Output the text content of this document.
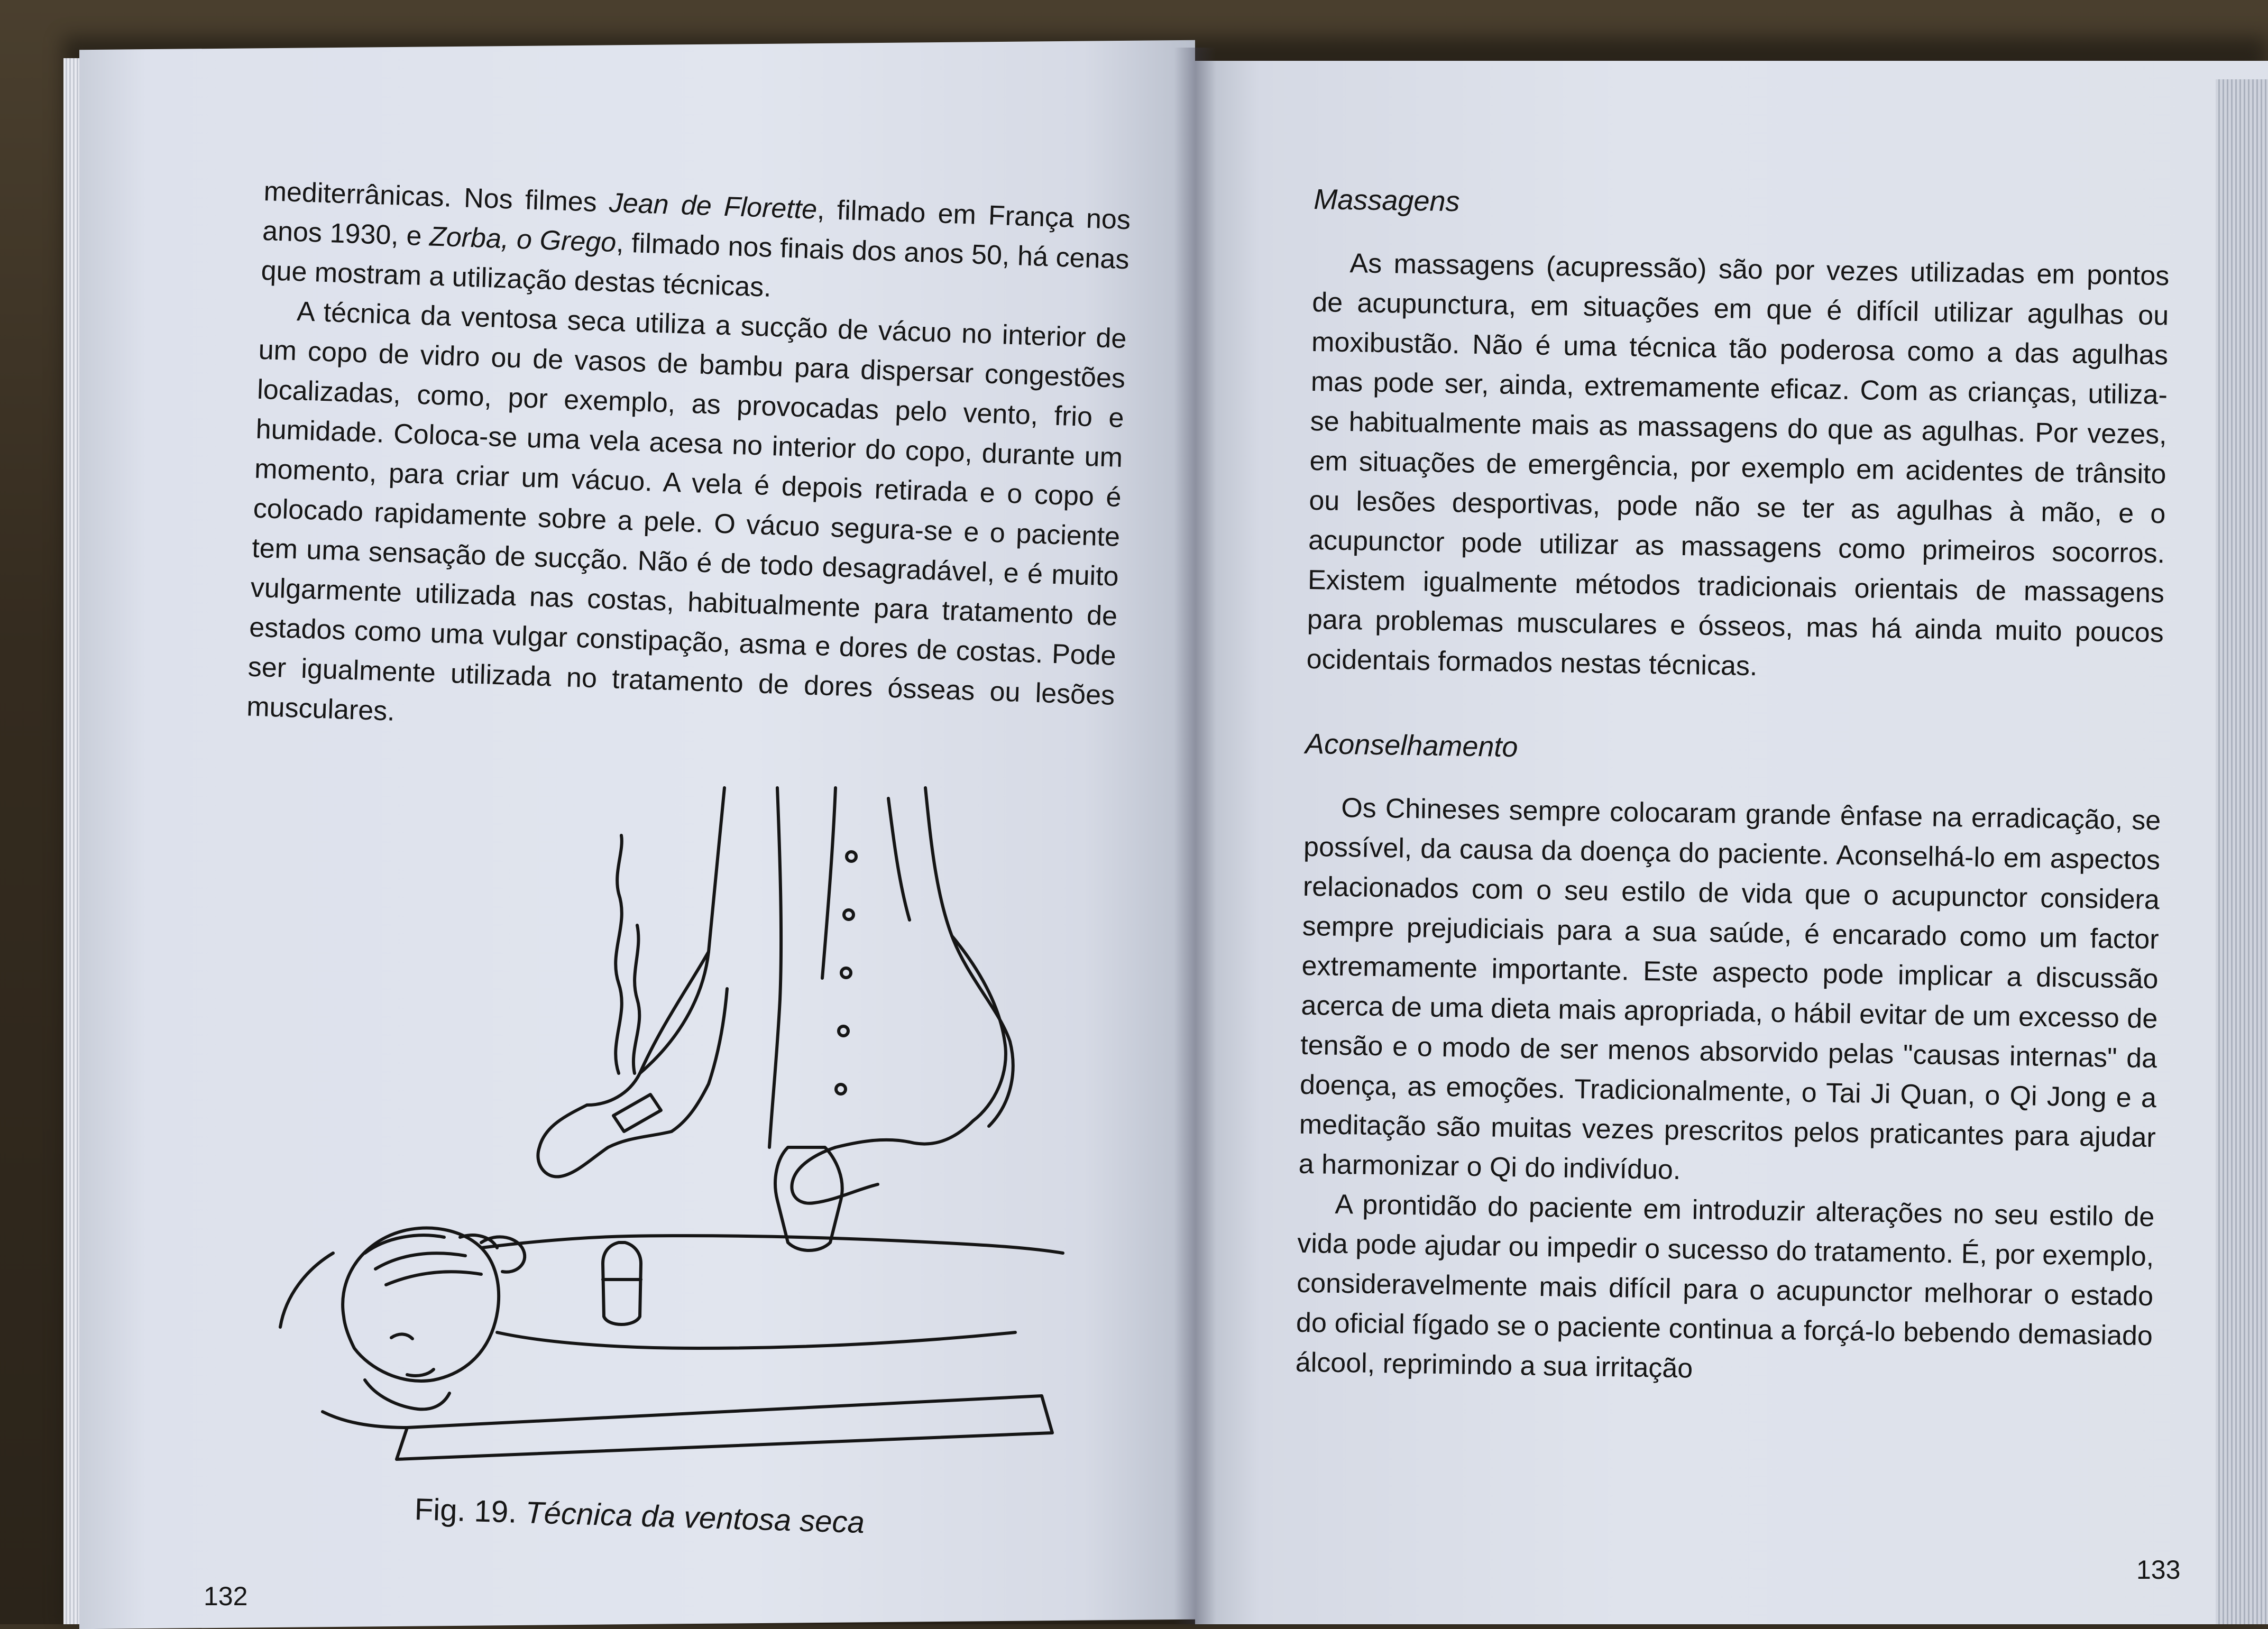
mediterrânicas. Nos filmes Jean de Florette, filmado em França nos anos 1930, e Zorba, o Grego, filmado nos finais dos anos 50, há cenas que mostram a utilização destas técnicas.

A técnica da ventosa seca utiliza a sucção de vácuo no interior de um copo de vidro ou de vasos de bambu para dispersar congestões localizadas, como, por exemplo, as provocadas pelo vento, frio e humidade. Coloca-se uma vela acesa no interior do copo, durante um momento, para criar um vácuo. A vela é depois retirada e o copo é colocado rapidamente sobre a pele. O vácuo segura-se e o paciente tem uma sensação de sucção. Não é de todo desagradável, e é muito vulgarmente utilizada nas costas, habitualmente para tratamento de estados como uma vulgar constipação, asma e dores de costas. Pode ser igualmente utilizada no tratamento de dores ósseas ou lesões musculares.

Fig. 19. Técnica da ventosa seca
132

Massagens

As massagens (acupressão) são por vezes utilizadas em pontos de acupunctura, em situações em que é difícil utilizar agulhas ou moxibustão. Não é uma técnica tão poderosa como a das agulhas mas pode ser, ainda, extremamente eficaz. Com as crianças, utiliza-se habitualmente mais as massagens do que as agulhas. Por vezes, em situações de emergência, por exemplo em acidentes de trânsito ou lesões desportivas, pode não se ter as agulhas à mão, e o acupunctor pode utilizar as massagens como primeiros socorros. Existem igualmente métodos tradicionais orientais de massagens para problemas musculares e ósseos, mas há ainda muito poucos ocidentais formados nestas técnicas.

Aconselhamento

Os Chineses sempre colocaram grande ênfase na erradicação, se possível, da causa da doença do paciente. Aconselhá-lo em aspectos relacionados com o seu estilo de vida que o acupunctor considera sempre prejudiciais para a sua saúde, é encarado como um factor extremamente importante. Este aspecto pode implicar a discussão acerca de uma dieta mais apropriada, o hábil evitar de um excesso de tensão e o modo de ser menos absorvido pelas "causas internas" da doença, as emoções. Tradicionalmente, o Tai Ji Quan, o Qi Jong e a meditação são muitas vezes prescritos pelos praticantes para ajudar a harmonizar o Qi do indivíduo.

A prontidão do paciente em introduzir alterações no seu estilo de vida pode ajudar ou impedir o sucesso do tratamento. É, por exemplo, consideravelmente mais difícil para o acupunctor melhorar o estado do oficial fígado se o paciente continua a forçá-lo bebendo demasiado álcool, reprimindo a sua irritação

133
